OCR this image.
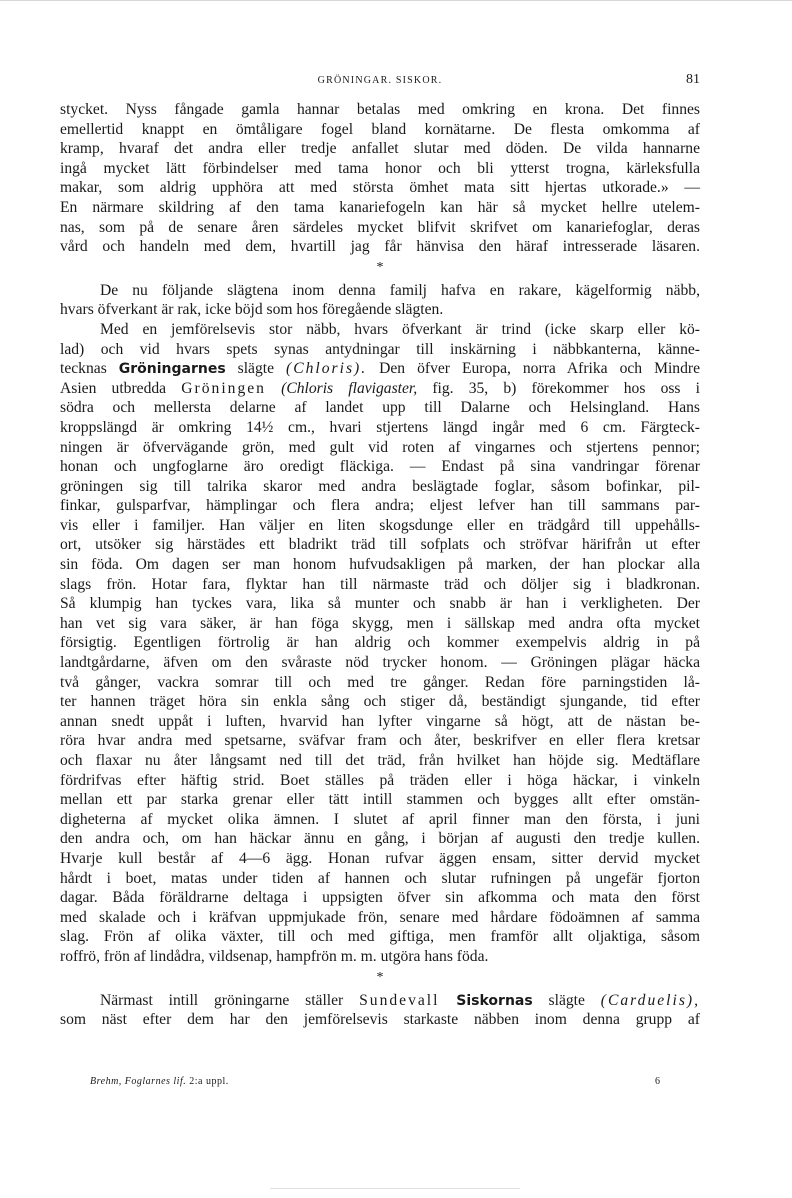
GRÖNINGAR. SISKOR.	81
stycket. Nyss fångade gamla hannar betalas med omkring en krona. Det finnes
emellertid knappt en ömtåligare fogel bland kornätarne. De flesta omkomma af
kramp, hvaraf det andra eller tredje anfallet slutar med döden. De vilda hannarne
ingå mycket lätt förbindelser med tama honor och bli ytterst trogna, kärleksfulla
makar, som aldrig upphöra att med största ömhet mata sitt hjertas utkorade.» —
En närmare skildring af den tama kanariefogeln kan här så mycket hellre utelem-
nas, som på de senare åren särdeles mycket blifvit skrifvet om kanariefoglar, deras
vård och handeln med dem, hvartill jag får hänvisa den häraf intresserade läsaren.
*
De nu följande slägtena inom denna familj hafva en rakare, kägelformig näbb,
hvars öfverkant är rak, icke böjd som hos föregående slägten.
Med en jemförelsevis stor näbb, hvars öfverkant är trind (icke skarp eller kö-
lad) och vid hvars spets synas antydningar till inskärning i näbbkanterna, känne-
tecknas Gröningarnes slägte (Chloris). Den öfver Europa, norra Afrika och Mindre
Asien utbredda Gröningen (Chloris flavigaster, fig. 35, b) förekommer hos oss i
södra och mellersta delarne af landet upp till Dalarne och Helsingland. Hans
kroppslängd är omkring 14½ cm., hvari stjertens längd ingår med 6 cm. Färgteck-
ningen är öfvervägande grön, med gult vid roten af vingarnes och stjertens pennor;
honan och ungfoglarne äro oredigt fläckiga. — Endast på sina vandringar förenar
gröningen sig till talrika skaror med andra beslägtade foglar, såsom bofinkar, pil-
finkar, gulsparfvar, hämplingar och flera andra; eljest lefver han till sammans par-
vis eller i familjer. Han väljer en liten skogsdunge eller en trädgård till uppehålls-
ort, utsöker sig härstädes ett bladrikt träd till sofplats och ströfvar härifrån ut efter
sin föda. Om dagen ser man honom hufvudsakligen på marken, der han plockar alla
slags frön. Hotar fara, flyktar han till närmaste träd och döljer sig i bladkronan.
Så klumpig han tyckes vara, lika så munter och snabb är han i verkligheten. Der
han vet sig vara säker, är han föga skygg, men i sällskap med andra ofta mycket
försigtig. Egentligen förtrolig är han aldrig och kommer exempelvis aldrig in på
landtgårdarne, äfven om den svåraste nöd trycker honom. — Gröningen plägar häcka
två gånger, vackra somrar till och med tre gånger. Redan före parningstiden lå-
ter hannen träget höra sin enkla sång och stiger då, beständigt sjungande, tid efter
annan snedt uppåt i luften, hvarvid han lyfter vingarne så högt, att de nästan be-
röra hvar andra med spetsarne, sväfvar fram och åter, beskrifver en eller flera kretsar
och flaxar nu åter långsamt ned till det träd, från hvilket han höjde sig. Medtäflare
fördrifvas efter häftig strid. Boet ställes på träden eller i höga häckar, i vinkeln
mellan ett par starka grenar eller tätt intill stammen och bygges allt efter omstän-
digheterna af mycket olika ämnen. I slutet af april finner man den första, i juni
den andra och, om han häckar ännu en gång, i början af augusti den tredje kullen.
Hvarje kull består af 4—6 ägg. Honan rufvar äggen ensam, sitter dervid mycket
hårdt i boet, matas under tiden af hannen och slutar rufningen på ungefär fjorton
dagar. Båda föräldrarne deltaga i uppsigten öfver sin afkomma och mata den först
med skalade och i kräfvan uppmjukade frön, senare med hårdare födoämnen af samma
slag. Frön af olika växter, till och med giftiga, men framför allt oljaktiga, såsom
roffrö, frön af lindådra, vildsenap, hampfrön m. m. utgöra hans föda.
*
Närmast intill gröningarne ställer Sundevall Siskornas slägte (Carduelis),
som näst efter dem har den jemförelsevis starkaste näbben inom denna grupp af
Brehm, Foglarnes lif. 2:a uppl.	6
